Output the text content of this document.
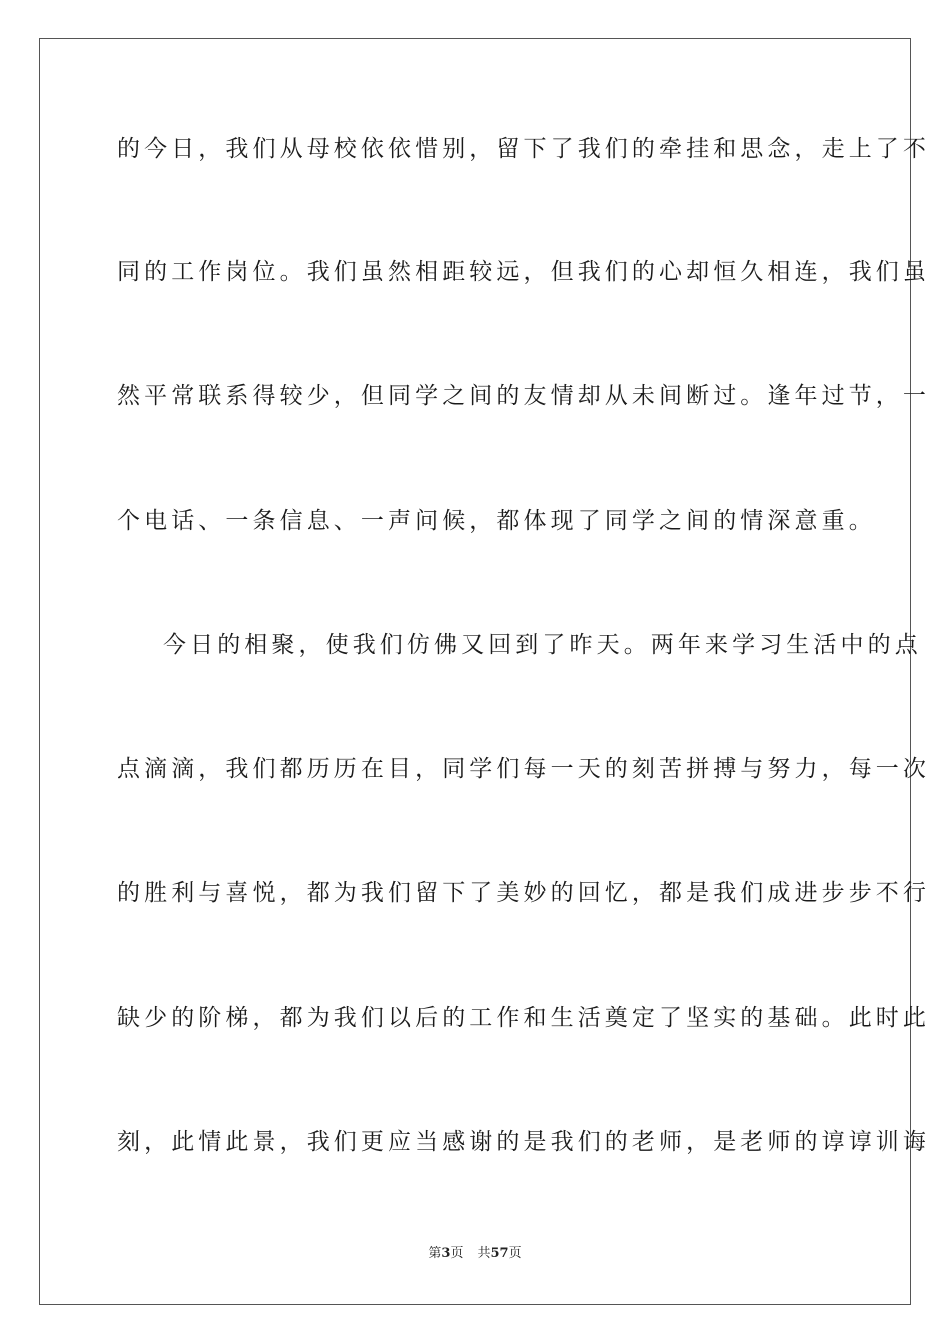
的今日，我们从母校依依惜别，留下了我们的牵挂和思念，走上了不
同的工作岗位。我们虽然相距较远，但我们的心却恒久相连，我们虽
然平常联系得较少，但同学之间的友情却从未间断过。逢年过节，一
个电话、一条信息、一声问候，都体现了同学之间的情深意重。
今日的相聚，使我们仿佛又回到了昨天。两年来学习生活中的点
点滴滴，我们都历历在目，同学们每一天的刻苦拼搏与努力，每一次
的胜利与喜悦，都为我们留下了美妙的回忆，都是我们成进步步不行
缺少的阶梯，都为我们以后的工作和生活奠定了坚实的基础。此时此
刻，此情此景，我们更应当感谢的是我们的老师，是老师的谆谆训诲
第3页 共57页
